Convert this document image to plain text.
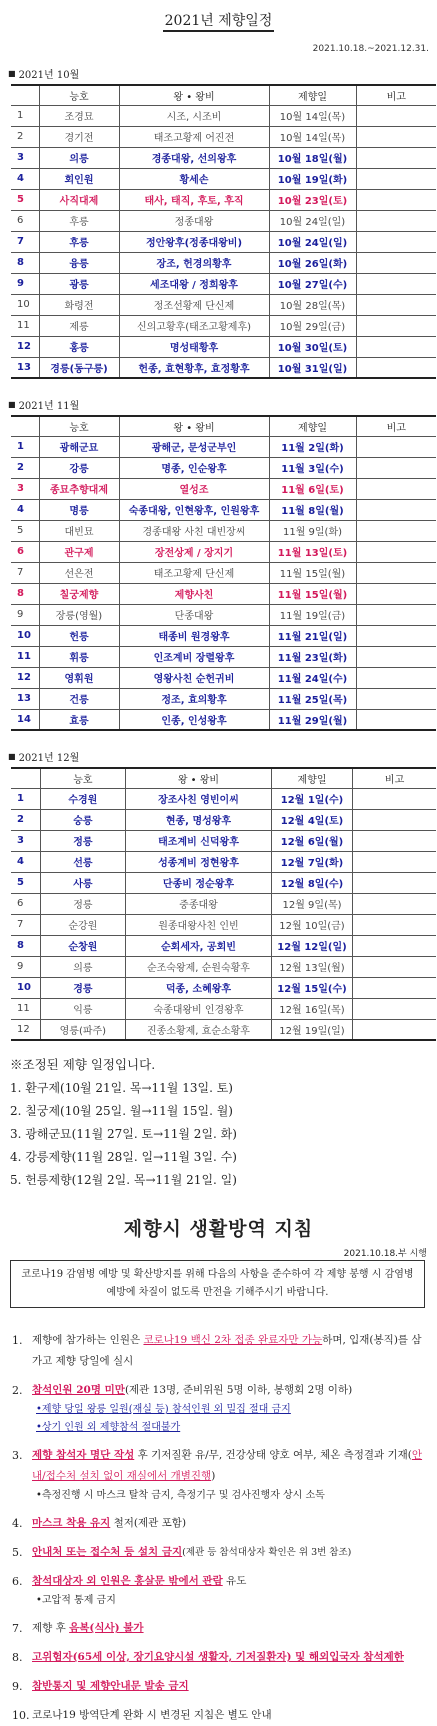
2021년 제향일정
2021.10.18.~2021.12.31.
■ 2021년 10월
	능호	왕 • 왕비	제향일	비고
1	조경묘	시조, 시조비	10월 14일(목)	
2	경기전	태조고황제 어진전	10월 14일(목)	
3	의릉	경종대왕, 선의왕후	10월 18일(월)	
4	회인원	황세손	10월 19일(화)	
5	사직대제	태사, 태직, 후토, 후직	10월 23일(토)	
6	후릉	정종대왕	10월 24일(일)	
7	후릉	정안왕후(정종대왕비)	10월 24일(일)	
8	융릉	장조, 헌경의황후	10월 26일(화)	
9	광릉	세조대왕 / 정희왕후	10월 27일(수)	
10	화령전	정조선황제 단신제	10월 28일(목)	
11	제릉	신의고황후(태조고황제후)	10월 29일(금)	
12	홍릉	명성태황후	10월 30일(토)	
13	경릉(동구릉)	헌종, 효현황후, 효정황후	10월 31일(일)	
■ 2021년 11월
	능호	왕 • 왕비	제향일	비고
1	광해군묘	광해군, 문성군부인	11월 2일(화)	
2	강릉	명종, 인순왕후	11월 3일(수)	
3	종묘추향대제	열성조	11월 6일(토)	
4	명릉	숙종대왕, 인현왕후, 인원왕후	11월 8일(월)	
5	대빈묘	경종대왕 사친 대빈장씨	11월 9일(화)	
6	관구제	장전상제 / 장지기	11월 13일(토)	
7	선은전	태조고황제 단신제	11월 15일(월)	
8	칠궁제향	제향사친	11월 15일(월)	
9	장릉(영월)	단종대왕	11월 19일(금)	
10	헌릉	태종비 원경왕후	11월 21일(일)	
11	휘릉	인조계비 장렬왕후	11월 23일(화)	
12	영휘원	영왕사친 순헌귀비	11월 24일(수)	
13	건릉	정조, 효의황후	11월 25일(목)	
14	효릉	인종, 인성왕후	11월 29일(월)	
■ 2021년 12월
	능호	왕 • 왕비	제향일	비고
1	수경원	장조사친 영빈이씨	12월 1일(수)	
2	숭릉	현종, 명성왕후	12월 4일(토)	
3	정릉	태조계비 신덕왕후	12월 6일(월)	
4	선릉	성종계비 정현왕후	12월 7일(화)	
5	사릉	단종비 정순왕후	12월 8일(수)	
6	정릉	중종대왕	12월 9일(목)	
7	순강원	원종대왕사친 인빈	12월 10일(금)	
8	순창원	순회세자, 공회빈	12월 12일(일)	
9	의릉	순조숙왕제, 순원숙황후	12월 13일(월)	
10	경릉	덕종, 소혜왕후	12월 15일(수)	
11	익릉	숙종대왕비 인경왕후	12월 16일(목)	
12	영릉(파주)	진종소황제, 효순소황후	12월 19일(일)	
※조정된 제향 일정입니다.
1. 환구제(10월 21일. 목→11월 13일. 토)
2. 칠궁제(10월 25일. 월→11월 15일. 월)
3. 광해군묘(11월 27일. 토→11월 2일. 화)
4. 강릉제향(11월 28일. 일→11월 3일. 수)
5. 헌릉제향(12월 2일. 목→11월 21일. 일)
제향시 생활방역 지침
2021.10.18.부 시행
코로나19 감염병 예방 및 확산방지를 위해 다음의 사항을 준수하여 각 제향 봉행 시 감염병 예방에 차질이 없도록 만전을 기해주시기 바랍니다.
1. 제향에 참가하는 인원은 코로나19 백신 2차 접종 완료자만 가능하며, 입재(봉직)를 삼가고 제향 당일에 실시
2. 참석인원 20명 미만(제관 13명, 준비위원 5명 이하, 봉행회 2명 이하)
•제향 당일 왕릉 일원(재실 등) 참석인원 외 밀집 절대 금지
•상기 인원 외 제향참석 절대불가
3. 제향 참석자 명단 작성 후 기저질환 유/무, 건강상태 양호 여부, 체온 측정결과 기재(안내/접수처 설치 없이 재실에서 개별진행)
•측정진행 시 마스크 탈착 금지, 측정기구 및 검사진행자 상시 소독
4. 마스크 착용 유지 철저(제관 포함)
5. 안내처 또는 접수처 등 설치 금지(제관 등 참석대상자 확인은 위 3번 참조)
6. 참석대상자 외 인원은 홍살문 밖에서 관람 유도
•고압적 통제 금지
7. 제향 후 음복(식사) 불가
8. 고위험자(65세 이상, 장기요양시설 생활자, 기저질환자) 및 해외입국자 참석제한
9. 참반통지 및 제향안내문 발송 금지
10. 코로나19 방역단계 완화 시 변경된 지침은 별도 안내
